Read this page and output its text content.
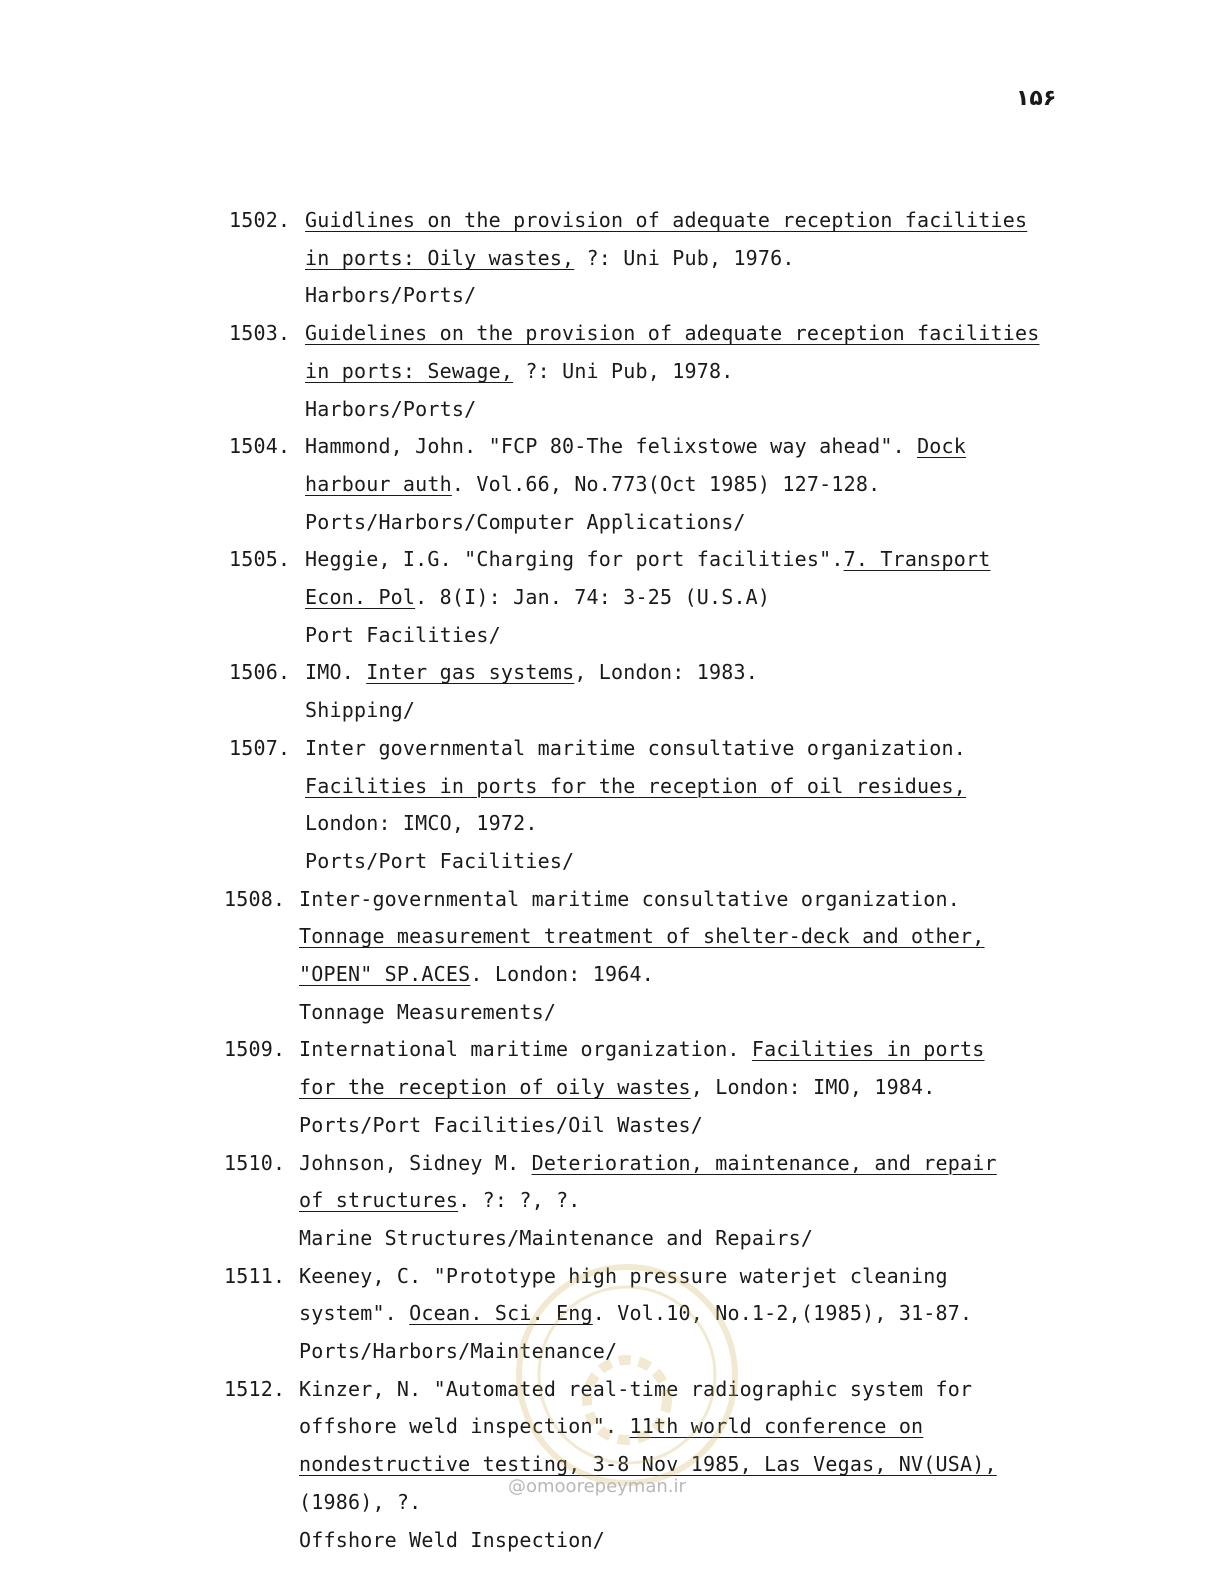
۱۵۶
1502. Guidlines on the provision of adequate reception facilities
in ports: Oily wastes, ?: Uni Pub, 1976.
Harbors/Ports/
1503. Guidelines on the provision of adequate reception facilities
in ports: Sewage, ?: Uni Pub, 1978.
Harbors/Ports/
1504. Hammond, John. "FCP 80-The felixstowe way ahead". Dock
harbour auth. Vol.66, No.773(Oct 1985) 127-128.
Ports/Harbors/Computer Applications/
1505. Heggie, I.G. "Charging for port facilities".7. Transport
Econ. Pol. 8(I): Jan. 74: 3-25 (U.S.A)
Port Facilities/
1506. IMO. Inter gas systems, London: 1983.
Shipping/
1507. Inter governmental maritime consultative organization.
Facilities in ports for the reception of oil residues,
London: IMCO, 1972.
Ports/Port Facilities/
1508. Inter-governmental maritime consultative organization.
Tonnage measurement treatment of shelter-deck and other,
"OPEN" SP.ACES. London: 1964.
Tonnage Measurements/
1509. International maritime organization. Facilities in ports
for the reception of oily wastes, London: IMO, 1984.
Ports/Port Facilities/Oil Wastes/
1510. Johnson, Sidney M. Deterioration, maintenance, and repair
of structures. ?: ?, ?.
Marine Structures/Maintenance and Repairs/
1511. Keeney, C. "Prototype high pressure waterjet cleaning
system". Ocean. Sci. Eng. Vol.10, No.1-2,(1985), 31-87.
Ports/Harbors/Maintenance/
1512. Kinzer, N. "Automated real-time radiographic system for
offshore weld inspection". 11th world conference on
nondestructive testing, 3-8 Nov 1985, Las Vegas, NV(USA),
(1986), ?.
Offshore Weld Inspection/
@omoorepeyman.ir
